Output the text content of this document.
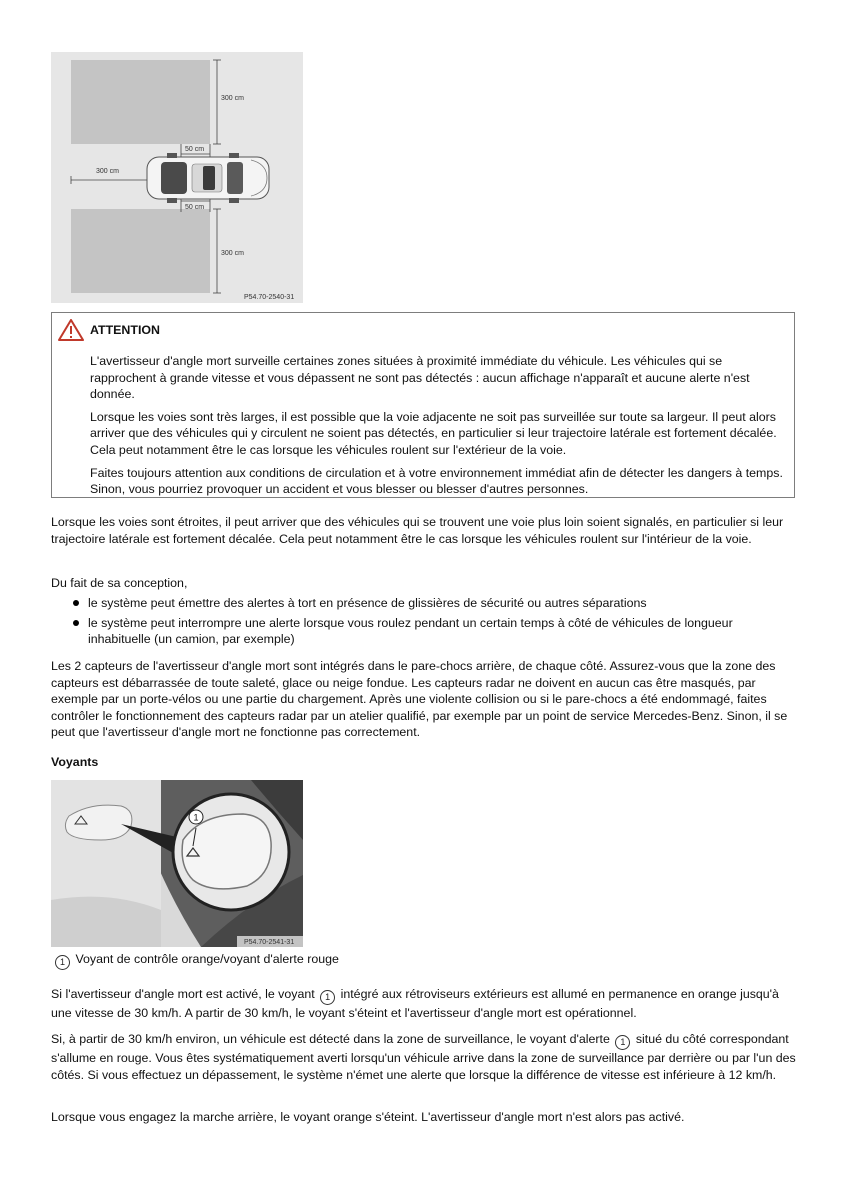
300 cm
50 cm
300 cm
50 cm
300 cm
P54.70-2540-31
ATTENTION

L'avertisseur d'angle mort surveille certaines zones situées à proximité immédiate du véhicule. Les véhicules qui se rapprochent à grande vitesse et vous dépassent ne sont pas détectés : aucun affichage n'apparaît et aucune alerte n'est donnée.

Lorsque les voies sont très larges, il est possible que la voie adjacente ne soit pas surveillée sur toute sa largeur. Il peut alors arriver que des véhicules qui y circulent ne soient pas détectés, en particulier si leur trajectoire latérale est fortement décalée. Cela peut notamment être le cas lorsque les véhicules roulent sur l'extérieur de la voie.

Faites toujours attention aux conditions de circulation et à votre environnement immédiat afin de détecter les dangers à temps. Sinon, vous pourriez provoquer un accident et vous blesser ou blesser d'autres personnes.

Lorsque les voies sont étroites, il peut arriver que des véhicules qui se trouvent une voie plus loin soient signalés, en particulier si leur trajectoire latérale est fortement décalée. Cela peut notamment être le cas lorsque les véhicules roulent sur l'intérieur de la voie.

Du fait de sa conception,

le système peut émettre des alertes à tort en présence de glissières de sécurité ou autres séparations
le système peut interrompre une alerte lorsque vous roulez pendant un certain temps à côté de véhicules de longueur inhabituelle (un camion, par exemple)

Les 2 capteurs de l'avertisseur d'angle mort sont intégrés dans le pare-chocs arrière, de chaque côté. Assurez-vous que la zone des capteurs est débarrassée de toute saleté, glace ou neige fondue. Les capteurs radar ne doivent en aucun cas être masqués, par exemple par un porte-vélos ou une partie du chargement. Après une violente collision ou si le pare-chocs a été endommagé, faites contrôler le fonctionnement des capteurs radar par un atelier qualifié, par exemple par un point de service Mercedes-Benz. Sinon, il se peut que l'avertisseur d'angle mort ne fonctionne pas correctement.

Voyants

1
P54.70-2541-31
1 Voyant de contrôle orange/voyant d'alerte rouge

Si l'avertisseur d'angle mort est activé, le voyant 1 intégré aux rétroviseurs extérieurs est allumé en permanence en orange jusqu'à une vitesse de 30 km/h. A partir de 30 km/h, le voyant s'éteint et l'avertisseur d'angle mort est opérationnel.

Si, à partir de 30 km/h environ, un véhicule est détecté dans la zone de surveillance, le voyant d'alerte 1 situé du côté correspondant s'allume en rouge. Vous êtes systématiquement averti lorsqu'un véhicule arrive dans la zone de surveillance par derrière ou par l'un des côtés. Si vous effectuez un dépassement, le système n'émet une alerte que lorsque la différence de vitesse est inférieure à 12 km/h.

Lorsque vous engagez la marche arrière, le voyant orange s'éteint. L'avertisseur d'angle mort n'est alors pas activé.
